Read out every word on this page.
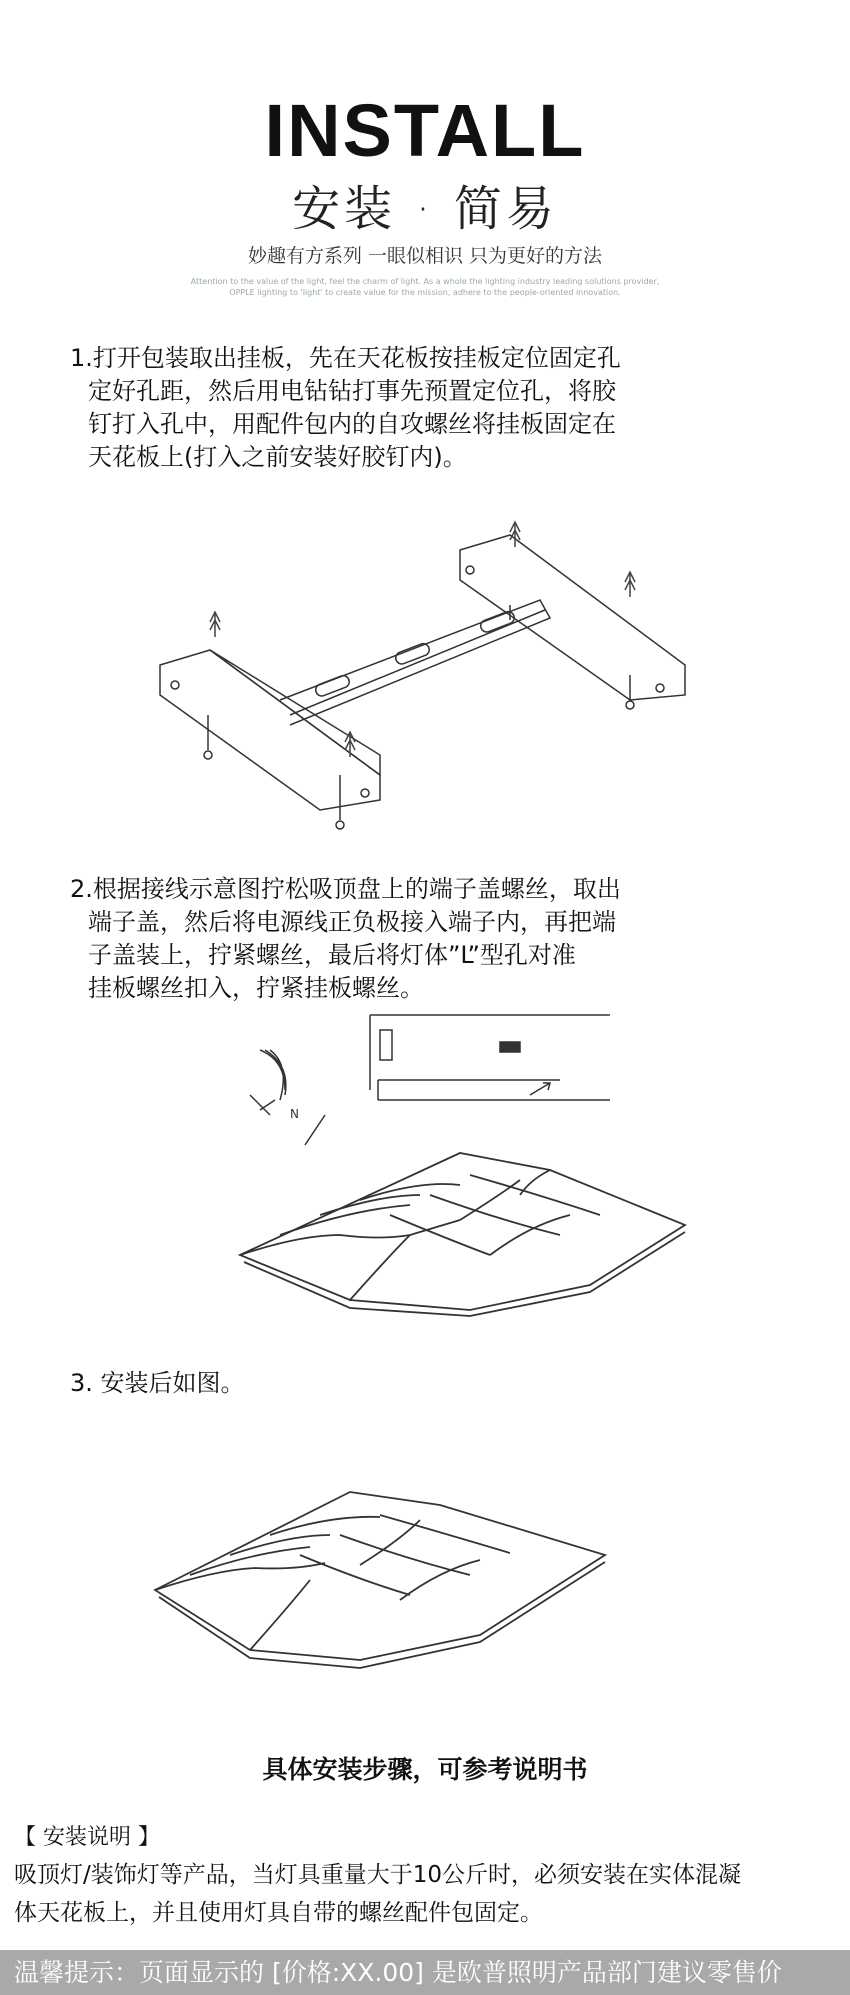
INSTALL
安装 · 简易
妙趣有方系列 一眼似相识 只为更好的方法
Attention to the value of the light, feel the charm of light. As a whole the lighting industry leading solutions provider,
OPPLE lighting to 'light' to create value for the mission, adhere to the people-oriented innovation.
1.打开包装取出挂板，先在天花板按挂板定位固定孔
定好孔距，然后用电钻钻打事先预置定位孔，将胶
钉打入孔中，用配件包内的自攻螺丝将挂板固定在
天花板上(打入之前安装好胶钉内)。
2.根据接线示意图拧松吸顶盘上的端子盖螺丝，取出
端子盖，然后将电源线正负极接入端子内，再把端
子盖装上，拧紧螺丝，最后将灯体”L”型孔对准
挂板螺丝扣入，拧紧挂板螺丝。
N
3. 安装后如图。
具体安装步骤，可参考说明书
【 安装说明 】
吸顶灯/装饰灯等产品，当灯具重量大于10公斤时，必须安装在实体混凝
体天花板上，并且使用灯具自带的螺丝配件包固定。
温馨提示：页面显示的 [价格:XX.00] 是欧普照明产品部门建议零售价
